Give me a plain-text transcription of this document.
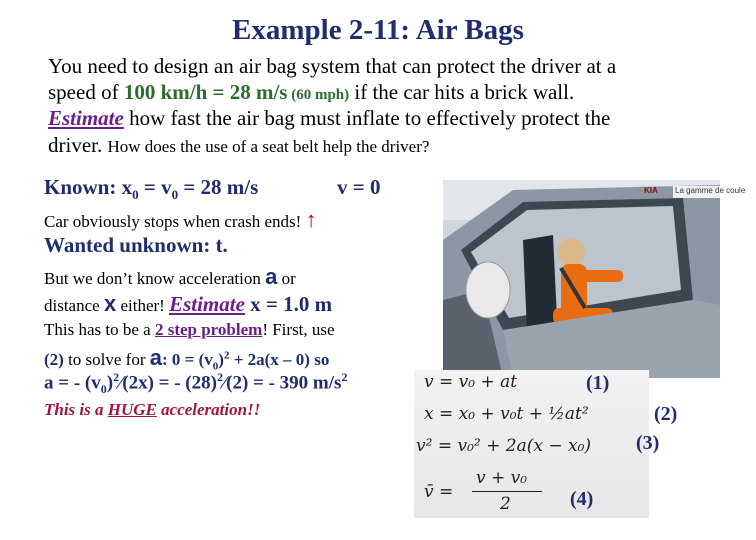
Example 2-11: Air Bags
You need to design an air bag system that can protect the driver at a
speed of 100 km/h = 28 m/s (60 mph) if the car hits a brick wall.
Estimate how fast the air bag must inflate to effectively protect the
driver. How does the use of a seat belt help the driver?
Known: $x_0 = v_0 = 28$ m/s	v = 0
Car obviously stops when crash ends! ↑
Wanted unknown: t.
But we don’t know acceleration a or
distance x either! Estimate x = 1.0 m
This has to be a 2 step problem! First, use
(2) to solve for a: $0 = (v_0)^2 + 2a(x - 0)$ so
a = - $(v_0)^2⁄(2x)$ = - $(28)^2⁄(2)$ = - 390 $m/s^2$
This is a HUGE acceleration!!
La gamme de coule
KIA
v = v₀ + at
x = x₀ + v₀t + ½at²
v² = v₀² + 2a(x − x₀)
v̄ =
v + v₀
2
(1)
(2)
(3)
(4)
